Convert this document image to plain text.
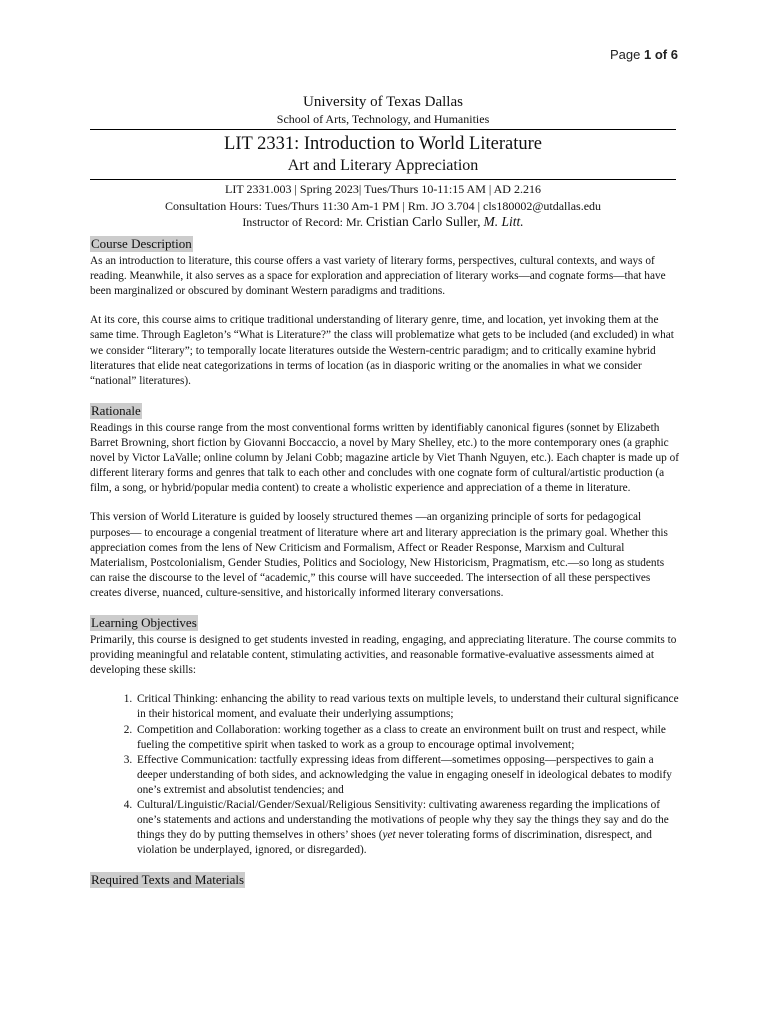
Page 1 of 6
University of Texas Dallas
School of Arts, Technology, and Humanities
LIT 2331: Introduction to World Literature
Art and Literary Appreciation
LIT 2331.003 | Spring 2023| Tues/Thurs 10-11:15 AM | AD 2.216
Consultation Hours: Tues/Thurs 11:30 Am-1 PM | Rm. JO 3.704 | cls180002@utdallas.edu
Instructor of Record: Mr. Cristian Carlo Suller, M. Litt.
Course Description

As an introduction to literature, this course offers a vast variety of literary forms, perspectives, cultural contexts, and ways of reading. Meanwhile, it also serves as a space for exploration and appreciation of literary works—and cognate forms—that have been marginalized or obscured by dominant Western paradigms and traditions.

At its core, this course aims to critique traditional understanding of literary genre, time, and location, yet invoking them at the same time. Through Eagleton’s “What is Literature?” the class will problematize what gets to be included (and excluded) in what we consider “literary”; to temporally locate literatures outside the Western-centric paradigm; and to critically examine hybrid literatures that elide neat categorizations in terms of location (as in diasporic writing or the anomalies in what we consider “national” literatures).

Rationale

Readings in this course range from the most conventional forms written by identifiably canonical figures (sonnet by Elizabeth Barret Browning, short fiction by Giovanni Boccaccio, a novel by Mary Shelley, etc.) to the more contemporary ones (a graphic novel by Victor LaValle; online column by Jelani Cobb; magazine article by Viet Thanh Nguyen, etc.). Each chapter is made up of different literary forms and genres that talk to each other and concludes with one cognate form of cultural/artistic production (a film, a song, or hybrid/popular media content) to create a wholistic experience and appreciation of a theme in literature.

This version of World Literature is guided by loosely structured themes —an organizing principle of sorts for pedagogical purposes— to encourage a congenial treatment of literature where art and literary appreciation is the primary goal. Whether this appreciation comes from the lens of New Criticism and Formalism, Affect or Reader Response, Marxism and Cultural Materialism, Postcolonialism, Gender Studies, Politics and Sociology, New Historicism, Pragmatism, etc.—so long as students can raise the discourse to the level of “academic,” this course will have succeeded. The intersection of all these perspectives creates diverse, nuanced, culture-sensitive, and historically informed literary conversations.

Learning Objectives

Primarily, this course is designed to get students invested in reading, engaging, and appreciating literature. The course commits to providing meaningful and relatable content, stimulating activities, and reasonable formative-evaluative assessments aimed at developing these skills:

1. Critical Thinking: enhancing the ability to read various texts on multiple levels, to understand their cultural significance in their historical moment, and evaluate their underlying assumptions;
2. Competition and Collaboration: working together as a class to create an environment built on trust and respect, while fueling the competitive spirit when tasked to work as a group to encourage optimal involvement;
3. Effective Communication: tactfully expressing ideas from different—sometimes opposing—perspectives to gain a deeper understanding of both sides, and acknowledging the value in engaging oneself in ideological debates to modify one’s extremist and absolutist tendencies; and
4. Cultural/Linguistic/Racial/Gender/Sexual/Religious Sensitivity: cultivating awareness regarding the implications of one’s statements and actions and understanding the motivations of people why they say the things they say and do the things they do by putting themselves in others’ shoes (yet never tolerating forms of discrimination, disrespect, and violation be underplayed, ignored, or disregarded).
Required Texts and Materials
